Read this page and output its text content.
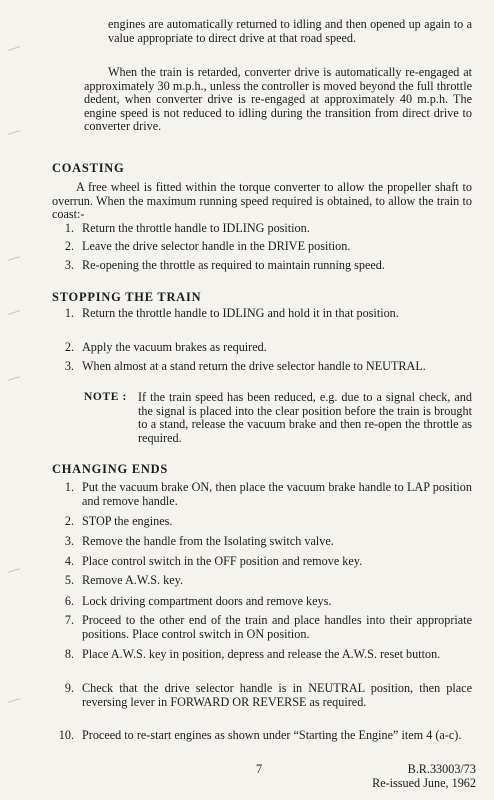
engines are automatically returned to idling and then opened up again to a value appropriate to direct drive at that road speed.

When the train is retarded, converter drive is automatically re-engaged at approximately 30 m.p.h., unless the controller is moved beyond the full throttle dedent, when converter drive is re-engaged at approximately 40 m.p.h. The engine speed is not reduced to idling during the transition from direct drive to converter drive.

COASTING

A free wheel is fitted within the torque converter to allow the propeller shaft to overrun. When the maximum running speed required is obtained, to allow the train to coast:-

1. Return the throttle handle to IDLING position.
2. Leave the drive selector handle in the DRIVE position.
3. Re-opening the throttle as required to maintain running speed.
STOPPING THE TRAIN
1. Return the throttle handle to IDLING and hold it in that position.
2. Apply the vacuum brakes as required.
3. When almost at a stand return the drive selector handle to NEUTRAL.
NOTE : If the train speed has been reduced, e.g. due to a signal check, and the signal is placed into the clear position before the train is brought to a stand, release the vacuum brake and then re-open the throttle as required.

CHANGING ENDS
1. Put the vacuum brake ON, then place the vacuum brake handle to LAP position and remove handle.
2. STOP the engines.
3. Remove the handle from the Isolating switch valve.
4. Place control switch in the OFF position and remove key.
5. Remove A.W.S. key.
6. Lock driving compartment doors and remove keys.
7. Proceed to the other end of the train and place handles into their appropriate positions. Place control switch in ON position.
8. Place A.W.S. key in position, depress and release the A.W.S. reset button.
9. Check that the drive selector handle is in NEUTRAL position, then place reversing lever in FORWARD OR REVERSE as required.
10. Proceed to re-start engines as shown under “Starting the Engine” item 4 (a-c).
7	B.R.33003/73
Re-issued June, 1962
